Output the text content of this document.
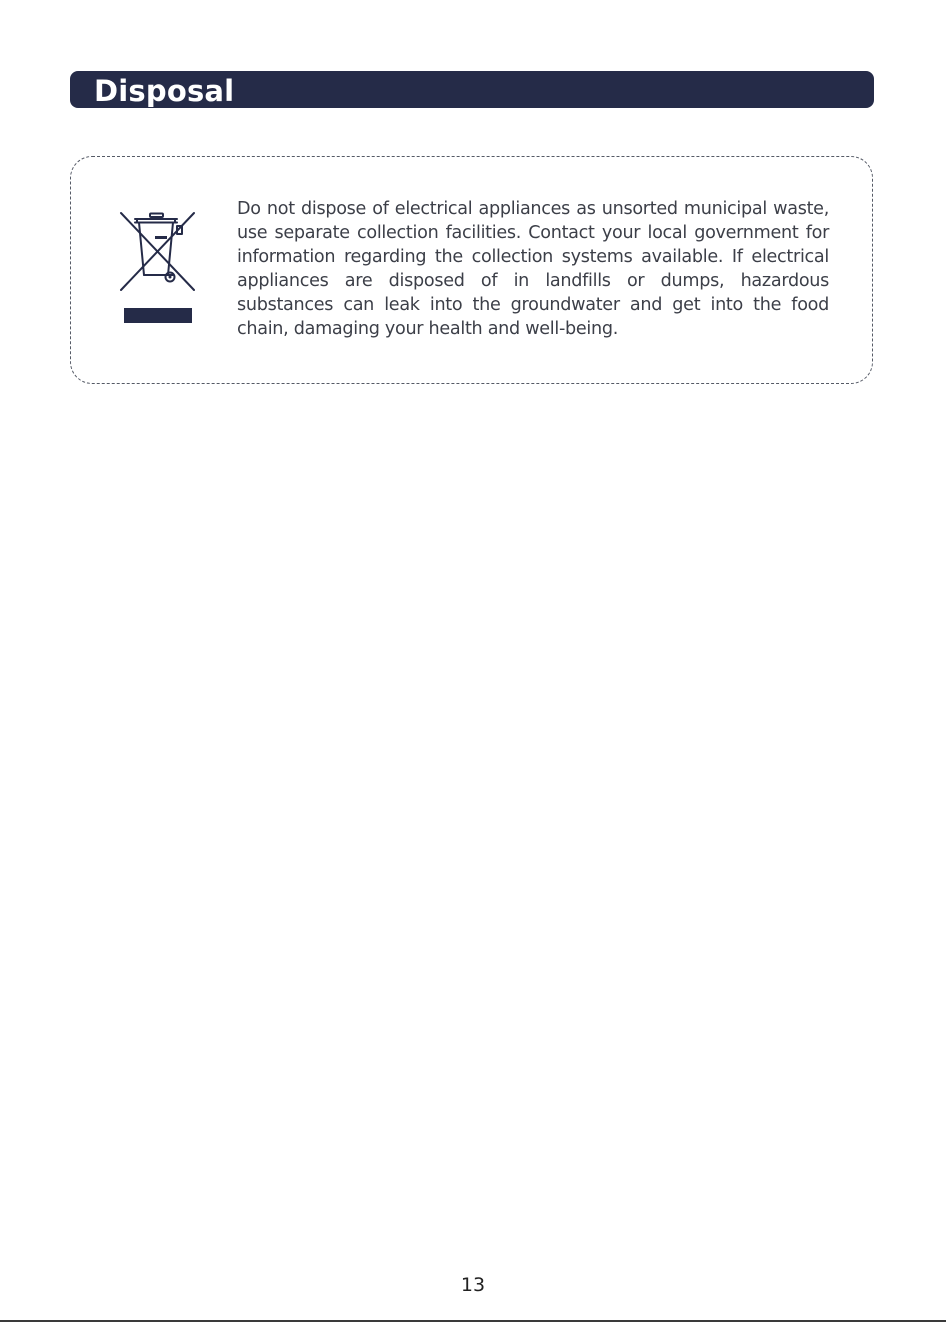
Disposal

Do not dispose of electrical appliances as unsorted municipal waste, use separate collection facilities. Contact your local government for information regarding the collection systems available. If electrical appliances are disposed of in landfills or dumps, hazardous substances can leak into the groundwater and get into the food chain, damaging your health and well-being.

13
